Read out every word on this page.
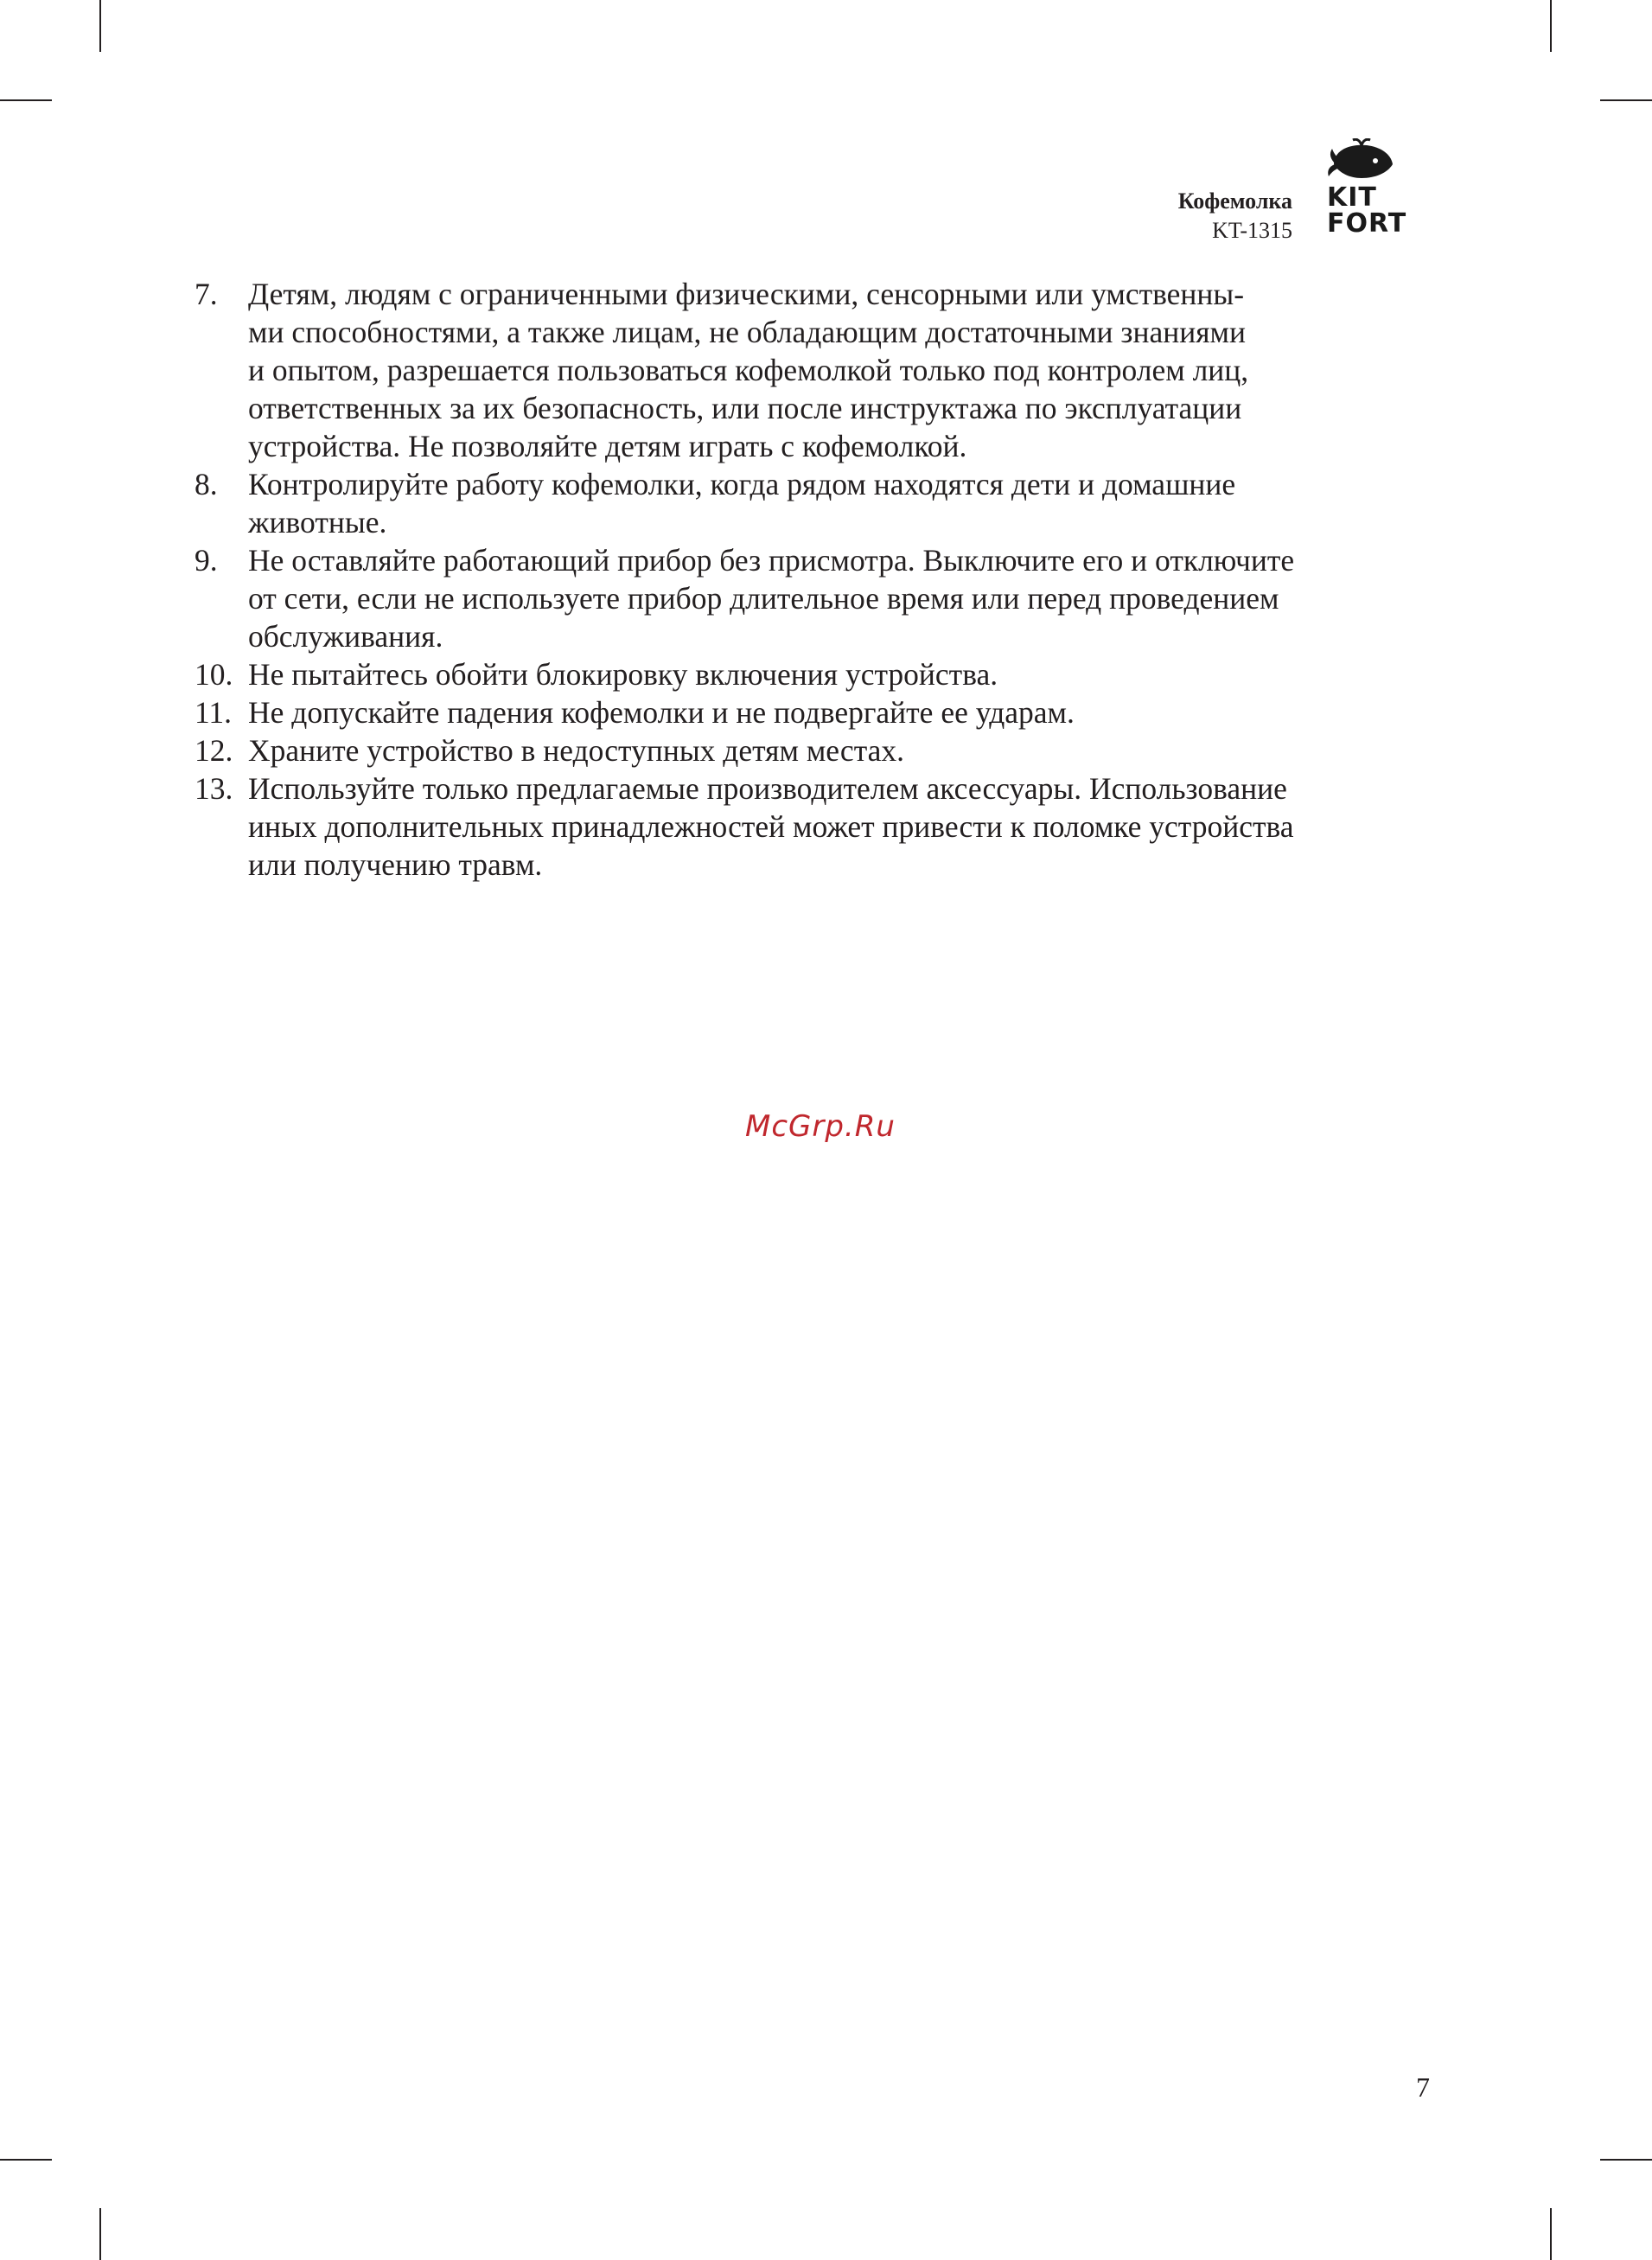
Кофемолка
KT-1315
KIT
FORT
7. Детям, людям с ограниченными физическими, сенсорными или умственны-
ми способностями, а также лицам, не обладающим достаточными знаниями
и опытом, разрешается пользоваться кофемолкой только под контролем лиц,
ответственных за их безопасность, или после инструктажа по эксплуатации
устройства. Не позволяйте детям играть с кофемолкой.
8. Контролируйте работу кофемолки, когда рядом находятся дети и домашние
животные.
9. Не оставляйте работающий прибор без присмотра. Выключите его и отключите
от сети, если не используете прибор длительное время или перед проведением
обслуживания.
10. Не пытайтесь обойти блокировку включения устройства.
11. Не допускайте падения кофемолки и не подвергайте ее ударам.
12. Храните устройство в недоступных детям местах.
13. Используйте только предлагаемые производителем аксессуары. Использование
иных дополнительных принадлежностей может привести к поломке устройства
или получению травм.
McGrp.Ru
7
